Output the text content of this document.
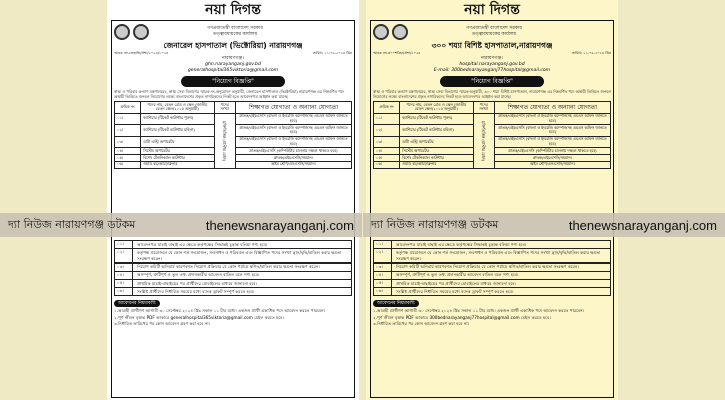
নয়া দিগন্ত
গণপ্রজাতন্ত্রী বাংলাদেশ সরকার
তত্ত্বাবধায়কের কার্যালয়
জেনারেল হাসপাতাল (ভিক্টোরিয়া) নারায়ণগঞ্জ
স্মারক নং-জেহাভি/প্রশা/২০২৪/১০২৪	তারিখ: ১১.০৯.২০২৪ খ্রিঃ
নারায়ণগঞ্জ।
ghn.narayanganj.gov.bd
generalhospital365viktoria@gmail.com
"নিয়োগ বিজ্ঞপ্তি"
স্বাস্থ্য ও পরিবার কল্যাণ মন্ত্রণালয়ের, স্বাস্থ্য সেবা বিভাগের স্মারক নং-অনুমোদন অনুযায়ী, জেনারেল হাসপাতাল (ভিক্টোরিয়া) নারায়ণগঞ্জ এর নিম্নবর্ণিত পদে অস্থায়ী ভিত্তিতে জনবল নিয়োগের লক্ষ্যে বাংলাদেশের প্রকৃত নাগরিকদের নিকট হতে আবেদনপত্র আহ্বান করা যাচ্ছে।
ক্রমিক নং	পদের নাম, বেতন গ্রেড ও স্কেল (জাতীয় বেতন স্কেল/২০১৫ অনুযায়ী)	পদের সংখ্যা	শিক্ষাগত যোগ্যতা ও অন্যান্য যোগ্যতা
০১।	ক্যাশিয়ার (টিকেট কাউন্টার পুরুষ)	চুক্তিভিত্তিক (মাস্টার রোল)	স্নাতক/এইচএসসি (বাংলা ও ইংরেজি কম্পোজসহ এমএস অফিস জানতে হবে)
০২।	ক্যাশিয়ার (টিকেট কাউন্টার মহিলা)		স্নাতক/এইচএসসি (বাংলা ও ইংরেজি কম্পোজসহ এমএস অফিস জানতে হবে)
০৩।	ডাটা এন্ট্রি অপারেটর		স্নাতক/এইচএসসি (বাংলা ও ইংরেজি কম্পোজসহ এমএস অফিস জানতে হবে)
০৪।	সিস্টেম অপারেটর		স্নাতক/এইচএসসি (কম্পিউটার চালনায় দক্ষতা থাকতে হবে)
০৫।	বিশেষ টেকনিক্যাল কাউন্টার		স্নাতক/এইচএসসি/সমমান।
০৬।	ওয়ার্ড বয়/আয়া/ক্লিনার		অষ্টম শ্রেণি/এসএসসি/সমমান।
০১।	আবেদনপত্র যাচাই বাছাই এর ক্ষেত্রে কর্তৃপক্ষের সিদ্ধান্তই চূড়ান্ত বলিয়া গণ্য হবে।
০২।	কর্তৃপক্ষ প্রয়োজনে যে কোন শর্ত সংযোজন, সংশোধন ও পরিবর্তন এবং বিজ্ঞাপিত পদের সংখ্যা হ্রাস/বৃদ্ধি/বাতিল করার ক্ষমতা সংরক্ষণ করেন।
০৩।	নিয়োগ কমিটি অনিবার্য কারণবশত নিয়োগ প্রক্রিয়ার যে কোন পর্যায়ে স্থগিত/বাতিল করার ক্ষমতা সংরক্ষণ করেন।
০৪।	অসম্পূর্ণ, ত্রুটিপূর্ণ ও ভুল তথ্য প্রদানকারীর আবেদন বাতিল বলে গণ্য হবে।
০৫।	প্রাথমিক যাচাই-বাছাইয়ের পর প্রার্থীদের মোবাইলের মাধ্যমে জানানো হবে।
০৬।	সংশ্লিষ্ট প্রার্থীদের নির্ধারিত সময়ের মধ্যে ব্যাংক ড্রাফট সম্পূর্ণ করতে হবে।
আবেদনের নিয়মাবলী:
১.আগ্রহী প্রার্থীগণ আগামী ৩০ সেপ্টেম্বর ২০২৪ খ্রিঃ সকাল ১১ টার মধ্যে। একজন প্রার্থী একাধিক পদে আবেদন করতে পারবেন।
২.পূর্ণ জীবন বৃত্তান্ত PDF আকারে generalhospital365viktoria@gmail.com মেইল করতে হবে।
৩.নির্ধারিত তারিখের পর কোন আবেদন গ্রহণ করা হবে না।
নয়া দিগন্ত
গণপ্রজাতন্ত্রী বাংলাদেশ সরকার
তত্ত্বাবধায়কের কার্যালয়
৩০০ শয্যা বিশিষ্ট হাসপাতাল,নারায়ণগঞ্জ
স্মারক নং-৩০০শবিহা/প্রশা/২০২৪	তারিখ: ১১.০৯.২০২৪ খ্রিঃ
নারায়ণগঞ্জ।
hospital.narayanganj.gov.bd
E-mail: 300bednarayanganj77hospital@gmail.com
"নিয়োগ বিজ্ঞপ্তি"
স্বাস্থ্য ও পরিবার কল্যাণ মন্ত্রণালয়ের, স্বাস্থ্য সেবা বিভাগের স্মারক অনুযায়ী, ৩০০ শয্যা বিশিষ্ট হাসপাতাল, নারায়ণগঞ্জ এর নিম্নবর্ণিত পদে অস্থায়ী ভিত্তিতে জনবল নিয়োগের লক্ষ্যে বাংলাদেশের প্রকৃত নাগরিকদের নিকট হতে আবেদনপত্র আহ্বান করা যাচ্ছে।
ক্রমিক নং	পদের নাম, বেতন গ্রেড ও স্কেল (জাতীয় বেতন স্কেল/২০১৫ অনুযায়ী)	পদের সংখ্যা	শিক্ষাগত যোগ্যতা ও অন্যান্য যোগ্যতা
০১।	ক্যাশিয়ার (টিকেট কাউন্টার পুরুষ)	চুক্তিভিত্তিক (মাস্টার রোল)	স্নাতক/এইচএসসি (বাংলা ও ইংরেজি কম্পোজসহ এমএস অফিস জানতে হবে)
০২।	ক্যাশিয়ার (টিকেট কাউন্টার মহিলা)		স্নাতক/এইচএসসি (বাংলা ও ইংরেজি কম্পোজসহ এমএস অফিস জানতে হবে)
০৩।	ডাটা এন্ট্রি অপারেটর		স্নাতক/এইচএসসি (বাংলা ও ইংরেজি কম্পোজসহ এমএস অফিস জানতে হবে)
০৪।	সিস্টেম অপারেটর		স্নাতক/এইচএসসি (কম্পিউটার চালনায় দক্ষতা থাকতে হবে)
০৫।	বিশেষ টেকনিক্যাল কাউন্টার		স্নাতক/এইচএসসি/সমমান।
০৬।	ওয়ার্ড বয়/আয়া/ক্লিনার		অষ্টম শ্রেণি/এসএসসি/সমমান।
০১।	আবেদনপত্র যাচাই বাছাই এর ক্ষেত্রে কর্তৃপক্ষের সিদ্ধান্তই চূড়ান্ত বলিয়া গণ্য হবে।
০২।	কর্তৃপক্ষ প্রয়োজনে যে কোন শর্ত সংযোজন, সংশোধন ও পরিবর্তন এবং বিজ্ঞাপিত পদের সংখ্যা হ্রাস/বৃদ্ধি/বাতিল করার ক্ষমতা সংরক্ষণ করেন।
০৩।	নিয়োগ কমিটি অনিবার্য কারণবশত নিয়োগ প্রক্রিয়ার যে কোন পর্যায়ে স্থগিত/বাতিল করার ক্ষমতা সংরক্ষণ করেন।
০৪।	অসম্পূর্ণ, ত্রুটিপূর্ণ ও ভুল তথ্য প্রদানকারীর আবেদন বাতিল বলে গণ্য হবে।
০৫।	প্রাথমিক যাচাই-বাছাইয়ের পর প্রার্থীদের মোবাইলের মাধ্যমে জানানো হবে।
০৬।	সংশ্লিষ্ট প্রার্থীদের নির্ধারিত সময়ের মধ্যে ব্যাংক ড্রাফট সম্পূর্ণ করতে হবে।
আবেদনের নিয়মাবলী:
১.আগ্রহী প্রার্থীগণ আগামী ৩০ সেপ্টেম্বর ২০২৪ খ্রিঃ সকাল ১১ টার মধ্যে। একজন প্রার্থী একাধিক পদে আবেদন করতে পারবেন।
২.পূর্ণ জীবন বৃত্তান্ত PDF আকারে 300bednarayanganj77hospital@gmail.com মেইল করতে হবে।
৩.নির্ধারিত তারিখের পর কোন আবেদন গ্রহণ করা হবে না।
দ্যা নিউজ নারায়ণগঞ্জ ডটকম	thenewsnarayanganj.com দ্যা নিউজ নারায়ণগঞ্জ ডটকম	thenewsnarayanganj.com
